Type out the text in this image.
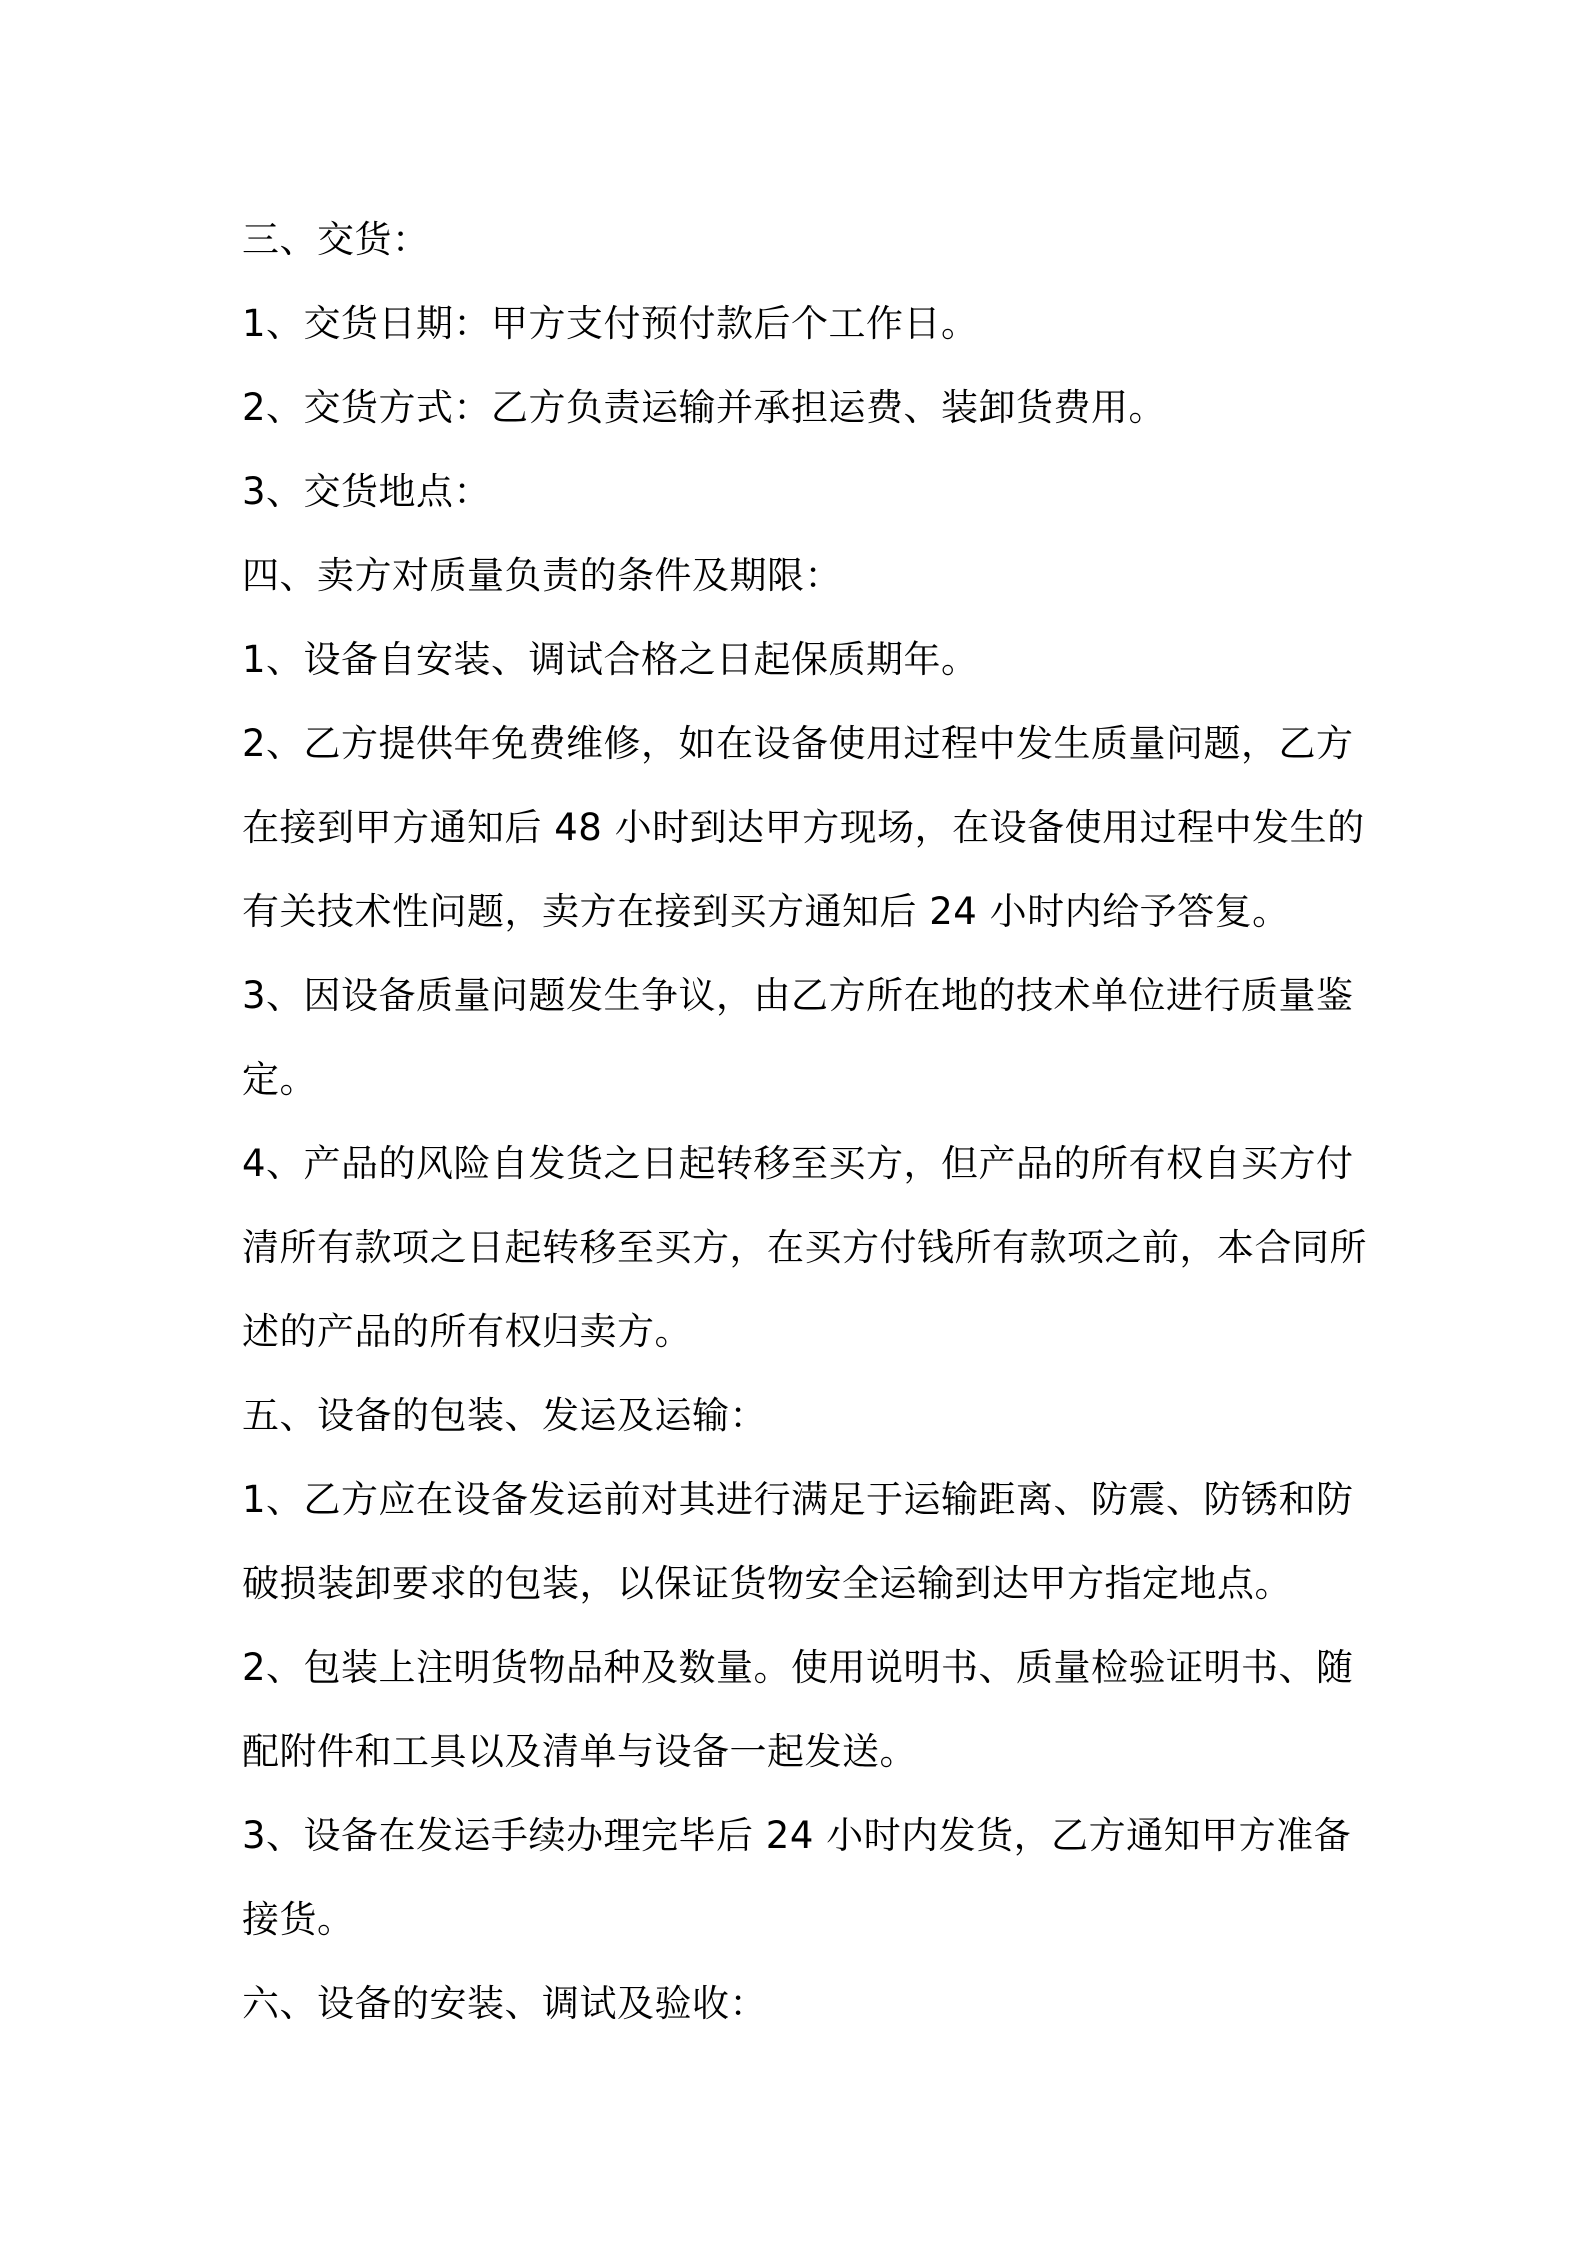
三、交货：
1、交货日期：甲方支付预付款后个工作日。
2、交货方式：乙方负责运输并承担运费、装卸货费用。
3、交货地点：
四、卖方对质量负责的条件及期限：
1、设备自安装、调试合格之日起保质期年。
2、乙方提供年免费维修，如在设备使用过程中发生质量问题，乙方
在接到甲方通知后 48 小时到达甲方现场，在设备使用过程中发生的
有关技术性问题，卖方在接到买方通知后 24 小时内给予答复。
3、因设备质量问题发生争议，由乙方所在地的技术单位进行质量鉴
定。
4、产品的风险自发货之日起转移至买方，但产品的所有权自买方付
清所有款项之日起转移至买方，在买方付钱所有款项之前，本合同所
述的产品的所有权归卖方。
五、设备的包装、发运及运输：
1、乙方应在设备发运前对其进行满足于运输距离、防震、防锈和防
破损装卸要求的包装，以保证货物安全运输到达甲方指定地点。
2、包装上注明货物品种及数量。使用说明书、质量检验证明书、随
配附件和工具以及清单与设备一起发送。
3、设备在发运手续办理完毕后 24 小时内发货，乙方通知甲方准备
接货。
六、设备的安装、调试及验收：
